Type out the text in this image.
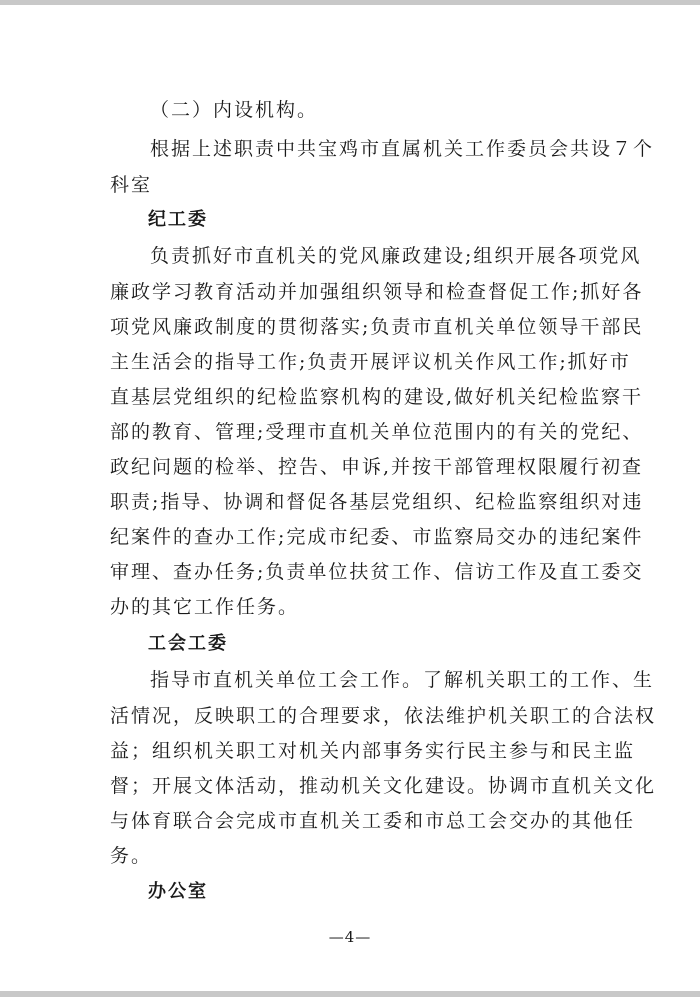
（二）内设机构。
根据上述职责中共宝鸡市直属机关工作委员会共设７个
科室
纪工委
负责抓好市直机关的党风廉政建设;组织开展各项党风
廉政学习教育活动并加强组织领导和检查督促工作;抓好各
项党风廉政制度的贯彻落实;负责市直机关单位领导干部民
主生活会的指导工作;负责开展评议机关作风工作;抓好市
直基层党组织的纪检监察机构的建设,做好机关纪检监察干
部的教育、管理;受理市直机关单位范围内的有关的党纪、
政纪问题的检举、控告、申诉,并按干部管理权限履行初查
职责;指导、协调和督促各基层党组织、纪检监察组织对违
纪案件的查办工作;完成市纪委、市监察局交办的违纪案件
审理、查办任务;负责单位扶贫工作、信访工作及直工委交
办的其它工作任务。
工会工委
指导市直机关单位工会工作。了解机关职工的工作、生
活情况，反映职工的合理要求，依法维护机关职工的合法权
益；组织机关职工对机关内部事务实行民主参与和民主监
督；开展文体活动，推动机关文化建设。协调市直机关文化
与体育联合会完成市直机关工委和市总工会交办的其他任
务。
办公室
—4—
